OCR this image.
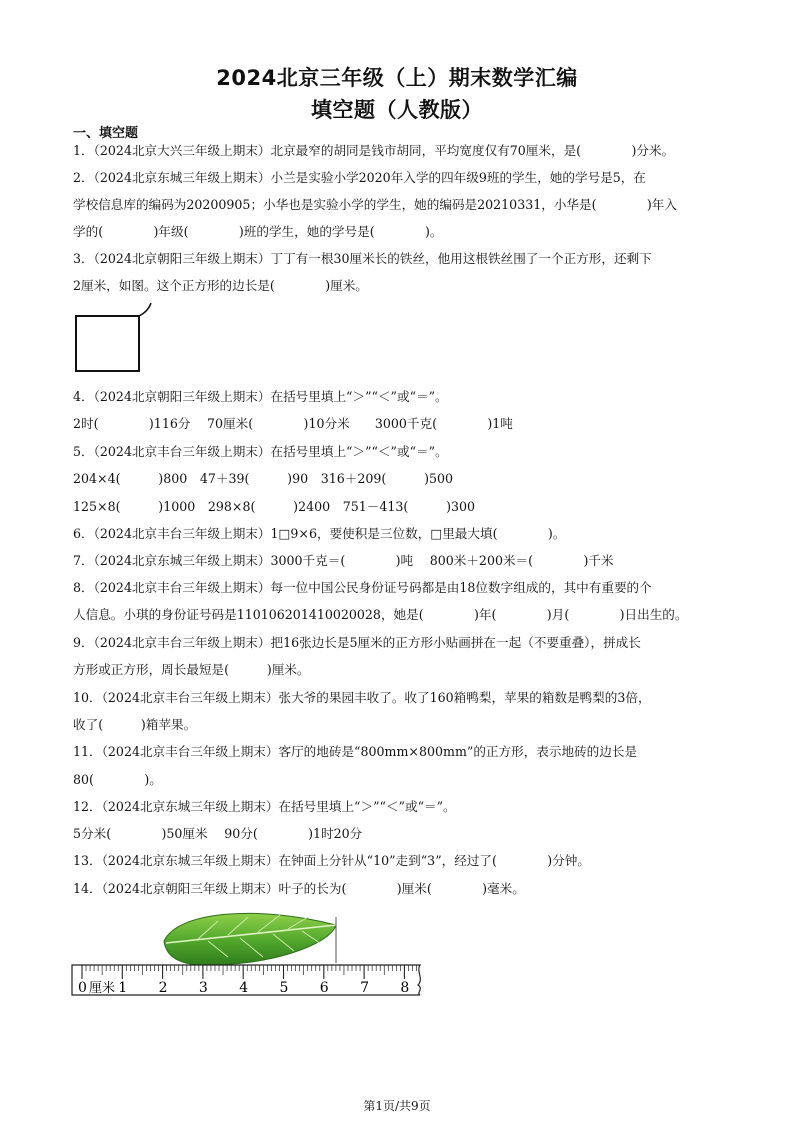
2024北京三年级（上）期末数学汇编
填空题（人教版）
一、填空题
1．（2024北京大兴三年级上期末）北京最窄的胡同是钱市胡同，平均宽度仅有70厘米，是(　　　　)分米。
2．（2024北京东城三年级上期末）小兰是实验小学2020年入学的四年级9班的学生，她的学号是5，在
学校信息库的编码为20200905；小华也是实验小学的学生，她的编码是20210331，小华是(　　　　)年入
学的(　　　　)年级(　　　　)班的学生，她的学号是(　　　　)。
3．（2024北京朝阳三年级上期末）丁丁有一根30厘米长的铁丝，他用这根铁丝围了一个正方形，还剩下
2厘米，如图。这个正方形的边长是(　　　　)厘米。
4．（2024北京朝阳三年级上期末）在括号里填上“＞”“＜”或“＝”。
2时(　　　　)116分　 70厘米(　　　　)10分米　　3000千克(　　　　)1吨
5．（2024北京丰台三年级上期末）在括号里填上“＞”“＜”或“＝”。
204×4(　　　)800　47＋39(　　　)90　316＋209(　　　)500
125×8(　　　)1000　298×8(　　　)2400　751－413(　　　)300
6．（2024北京丰台三年级上期末）1□9×6，要使积是三位数，□里最大填(　　　　)。
7．（2024北京东城三年级上期末）3000千克＝(　　　　)吨　 800米＋200米＝(　　　　)千米
8．（2024北京丰台三年级上期末）每一位中国公民身份证号码都是由18位数字组成的，其中有重要的个
人信息。小琪的身份证号码是110106201410020028，她是(　　　　)年(　　　　)月(　　　　)日出生的。
9．（2024北京丰台三年级上期末）把16张边长是5厘米的正方形小贴画拼在一起（不要重叠），拼成长
方形或正方形，周长最短是(　　　)厘米。
10．（2024北京丰台三年级上期末）张大爷的果园丰收了。收了160箱鸭梨，苹果的箱数是鸭梨的3倍，
收了(　　　)箱苹果。
11．（2024北京丰台三年级上期末）客厅的地砖是“800mm×800mm”的正方形，表示地砖的边长是
80(　　　　)。
12．（2024北京东城三年级上期末）在括号里填上“＞”“＜”或“＝”。
5分米(　　　　)50厘米　 90分(　　　　)1时20分
13．（2024北京东城三年级上期末）在钟面上分针从“10”走到“3”，经过了(　　　　)分钟。
14．（2024北京朝阳三年级上期末）叶子的长为(　　　　)厘米(　　　　)毫米。
0 1 2 3 4 5 6 7 8
厘米
第1页/共9页
